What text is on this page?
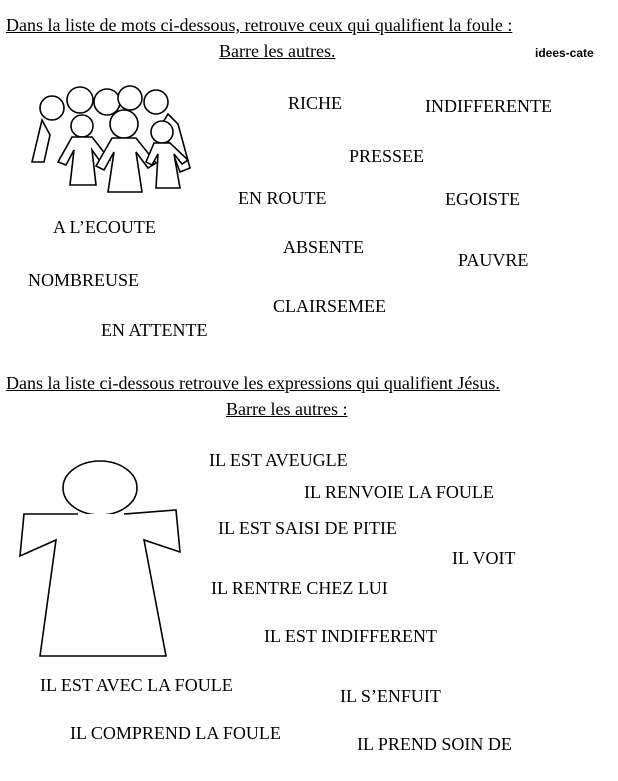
Dans la liste de mots ci-dessous, retrouve ceux qui qualifient la foule :
Barre les autres.	idees-cate
RICHE	INDIFFERENTE
PRESSEE
EN ROUTE	EGOISTE
A L’ECOUTE
ABSENTE
PAUVRE
NOMBREUSE
CLAIRSEMEE
EN ATTENTE
Dans la liste ci-dessous retrouve les expressions qui qualifient Jésus.
Barre les autres :
IL EST AVEUGLE
IL RENVOIE LA FOULE
IL EST SAISI DE PITIE
IL VOIT
IL RENTRE CHEZ LUI
IL EST INDIFFERENT
IL EST AVEC LA FOULE
IL S’ENFUIT
IL COMPREND LA FOULE
IL PREND SOIN DE
